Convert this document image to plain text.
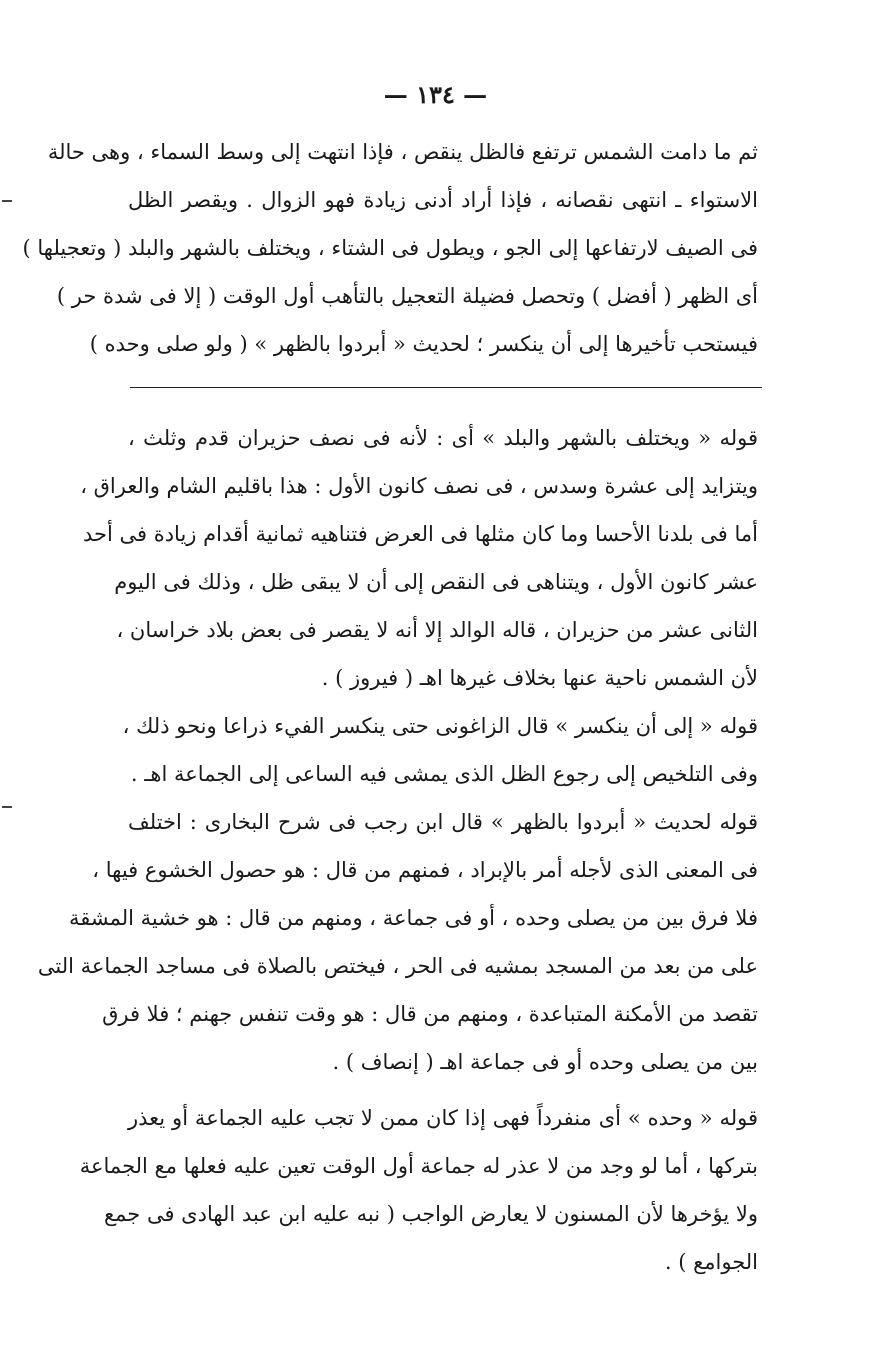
— ١٣٤ —
ثم ما دامت الشمس ترتفع فالظل ينقص ، فإذا انتهت إلى وسط السماء ، وهى حالة
الاستواء ـ انتهى نقصانه ، فإذا أراد أدنى زيادة فهو الزوال . ويقصر الظل
فى الصيف لارتفاعها إلى الجو ، ويطول فى الشتاء ، ويختلف بالشهر والبلد ( وتعجيلها )
أى الظهر ( أفضل ) وتحصل فضيلة التعجيل بالتأهب أول الوقت ( إلا فى شدة حر )
فيستحب تأخيرها إلى أن ينكسر ؛ لحديث « أبردوا بالظهر » ( ولو صلى وحده )
قوله « ويختلف بالشهر والبلد » أى : لأنه فى نصف حزيران قدم وثلث ،
ويتزايد إلى عشرة وسدس ، فى نصف كانون الأول : هذا باقليم الشام والعراق ،
أما فى بلدنا الأحسا وما كان مثلها فى العرض فتناهيه ثمانية أقدام زيادة فى أحد
عشر كانون الأول ، ويتناهى فى النقص إلى أن لا يبقى ظل ، وذلك فى اليوم
الثانى عشر من حزيران ، قاله الوالد إلا أنه لا يقصر فى بعض بلاد خراسان ،
لأن الشمس ناحية عنها بخلاف غيرها اهـ ( فيروز ) .
قوله « إلى أن ينكسر » قال الزاغونى حتى ينكسر الفيء ذراعا ونحو ذلك ،
وفى التلخيص إلى رجوع الظل الذى يمشى فيه الساعى إلى الجماعة اهـ .
قوله لحديث « أبردوا بالظهر » قال ابن رجب فى شرح البخارى : اختلف
فى المعنى الذى لأجله أمر بالإبراد ، فمنهم من قال : هو حصول الخشوع فيها ،
فلا فرق بين من يصلى وحده ، أو فى جماعة ، ومنهم من قال : هو خشية المشقة
على من بعد من المسجد بمشيه فى الحر ، فيختص بالصلاة فى مساجد الجماعة التى
تقصد من الأمكنة المتباعدة ، ومنهم من قال : هو وقت تنفس جهنم ؛ فلا فرق
بين من يصلى وحده أو فى جماعة اهـ ( إنصاف ) .
قوله « وحده » أى منفرداً فهى إذا كان ممن لا تجب عليه الجماعة أو يعذر
بتركها ، أما لو وجد من لا عذر له جماعة أول الوقت تعين عليه فعلها مع الجماعة
ولا يؤخرها لأن المسنون لا يعارض الواجب ( نبه عليه ابن عبد الهادى فى جمع
الجوامع ) .
